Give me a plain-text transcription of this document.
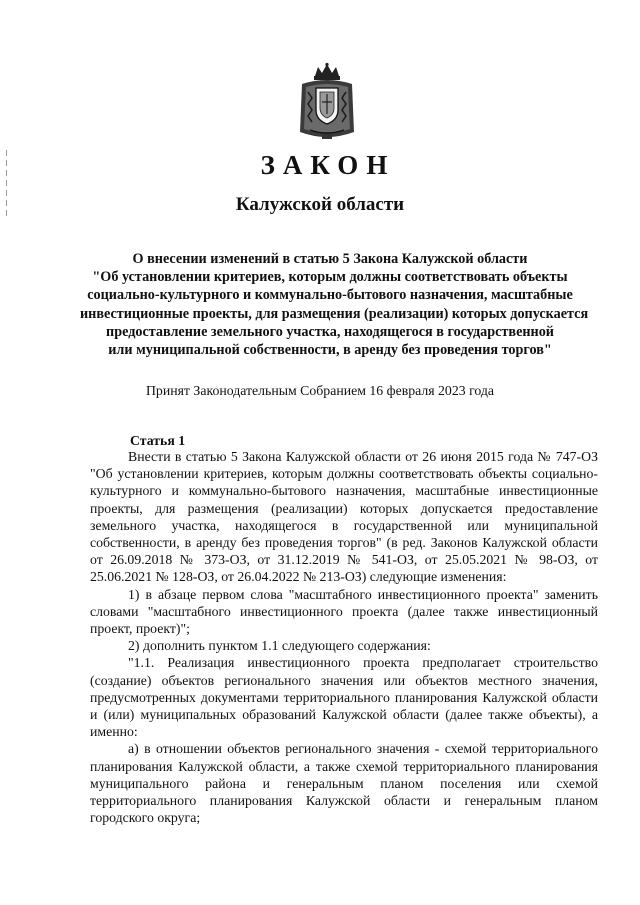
ЗАКОН
Калужской области
О внесении изменений в статью 5 Закона Калужской области
"Об установлении критериев, которым должны соответствовать объекты
социально-культурного и коммунально-бытового назначения, масштабные
инвестиционные проекты, для размещения (реализации) которых допускается
предоставление земельного участка, находящегося в государственной
или муниципальной собственности, в аренду без проведения торгов"

Принят Законодательным Собранием 16 февраля 2023 года

Статья 1

Внести в статью 5 Закона Калужской области от 26 июня 2015 года № 747-ОЗ "Об установлении критериев, которым должны соответствовать объекты социально-культурного и коммунально-бытового назначения, масштабные инвестиционные проекты, для размещения (реализации) которых допускается предоставление земельного участка, находящегося в государственной или муниципальной собственности, в аренду без проведения торгов" (в ред. Законов Калужской области от 26.09.2018 № 373-ОЗ, от 31.12.2019 № 541-ОЗ, от 25.05.2021 № 98-ОЗ, от 25.06.2021 № 128-ОЗ, от 26.04.2022 № 213-ОЗ) следующие изменения:

1) в абзаце первом слова "масштабного инвестиционного проекта" заменить словами "масштабного инвестиционного проекта (далее также инвестиционный проект, проект)";

2) дополнить пунктом 1.1 следующего содержания:

"1.1. Реализация инвестиционного проекта предполагает строительство (создание) объектов регионального значения или объектов местного значения, предусмотренных документами территориального планирования Калужской области и (или) муниципальных образований Калужской области (далее также объекты), а именно:

а) в отношении объектов регионального значения - схемой территориального планирования Калужской области, а также схемой территориального планирования муниципального района и генеральным планом поселения или схемой территориального планирования Калужской области и генеральным планом городского округа;
